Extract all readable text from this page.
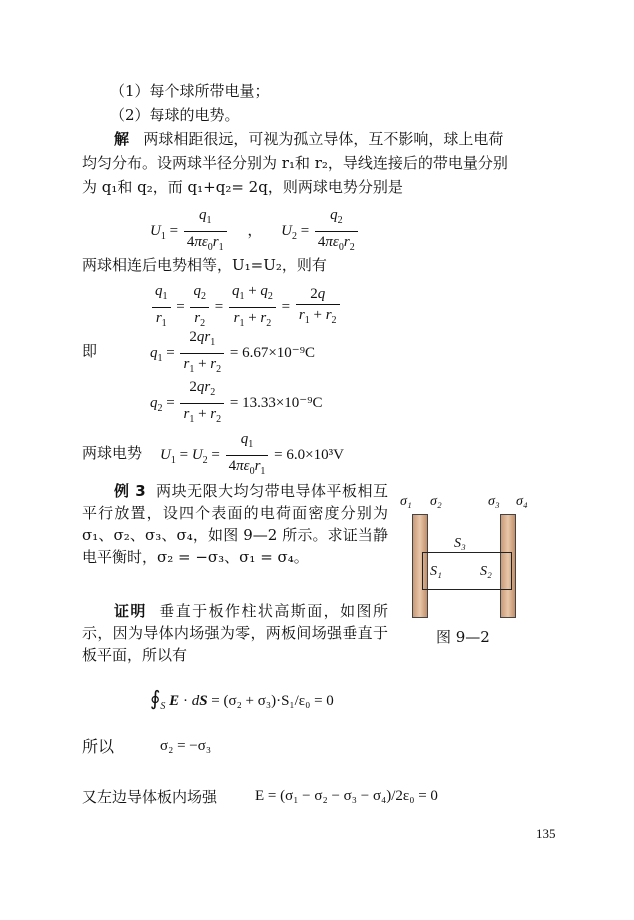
（1）每个球所带电量；
（2）每球的电势。
解 两球相距很远，可视为孤立导体，互不影响，球上电荷
均匀分布。设两球半径分别为 r₁和 r₂，导线连接后的带电量分别
为 q₁和 q₂，而 q₁+q₂= 2q，则两球电势分别是
$U_1 = \frac{q_1}{4\pi\varepsilon_0r_1}$ ，     $U_2 = \frac{q_2}{4\pi\varepsilon_0r_2}$
两球相连后电势相等，U₁=U₂，则有
$\frac{q_1}{r_1} = \frac{q_2}{r_2} = \frac{q_1 + q_2}{r_1 + r_2} = \frac{2q}{r_1 + r_2}$
即	$q_1 = \frac{2qr_1}{r_1 + r_2} = 6.67\times 10^{-9}C$
$q_2 = \frac{2qr_2}{r_1 + r_2} = 13.33\times 10^{-9}C$
两球电势 $U_1 = U_2 = \frac{q_1}{4\pi\varepsilon_0r_1} = 6.0\times 10^3V$
例 3 两块无限大均匀带电导体平板相互平行放置，设四个表面的电荷面密度分别为σ₁、σ₂、σ₃、σ₄，如图 9—2 所示。求证当静电平衡时，σ₂ = −σ₃、σ₁ = σ₄。
证明 垂直于板作柱状高斯面，如图所示，因为导体内场强为零，两板间场强垂直于板平面，所以有
$∮_S$ E · dS = (σ₂ + σ₃)·S₁/ε₀ = 0
所以	σ₂ = −σ₃
又左边导体板内场强	E = (σ₁ − σ₂ − σ₃ − σ₄)/2ε₀ = 0
σ₁ σ₂	σ₃ σ₄
S₃
S₁	S₂
图 9—2
135
